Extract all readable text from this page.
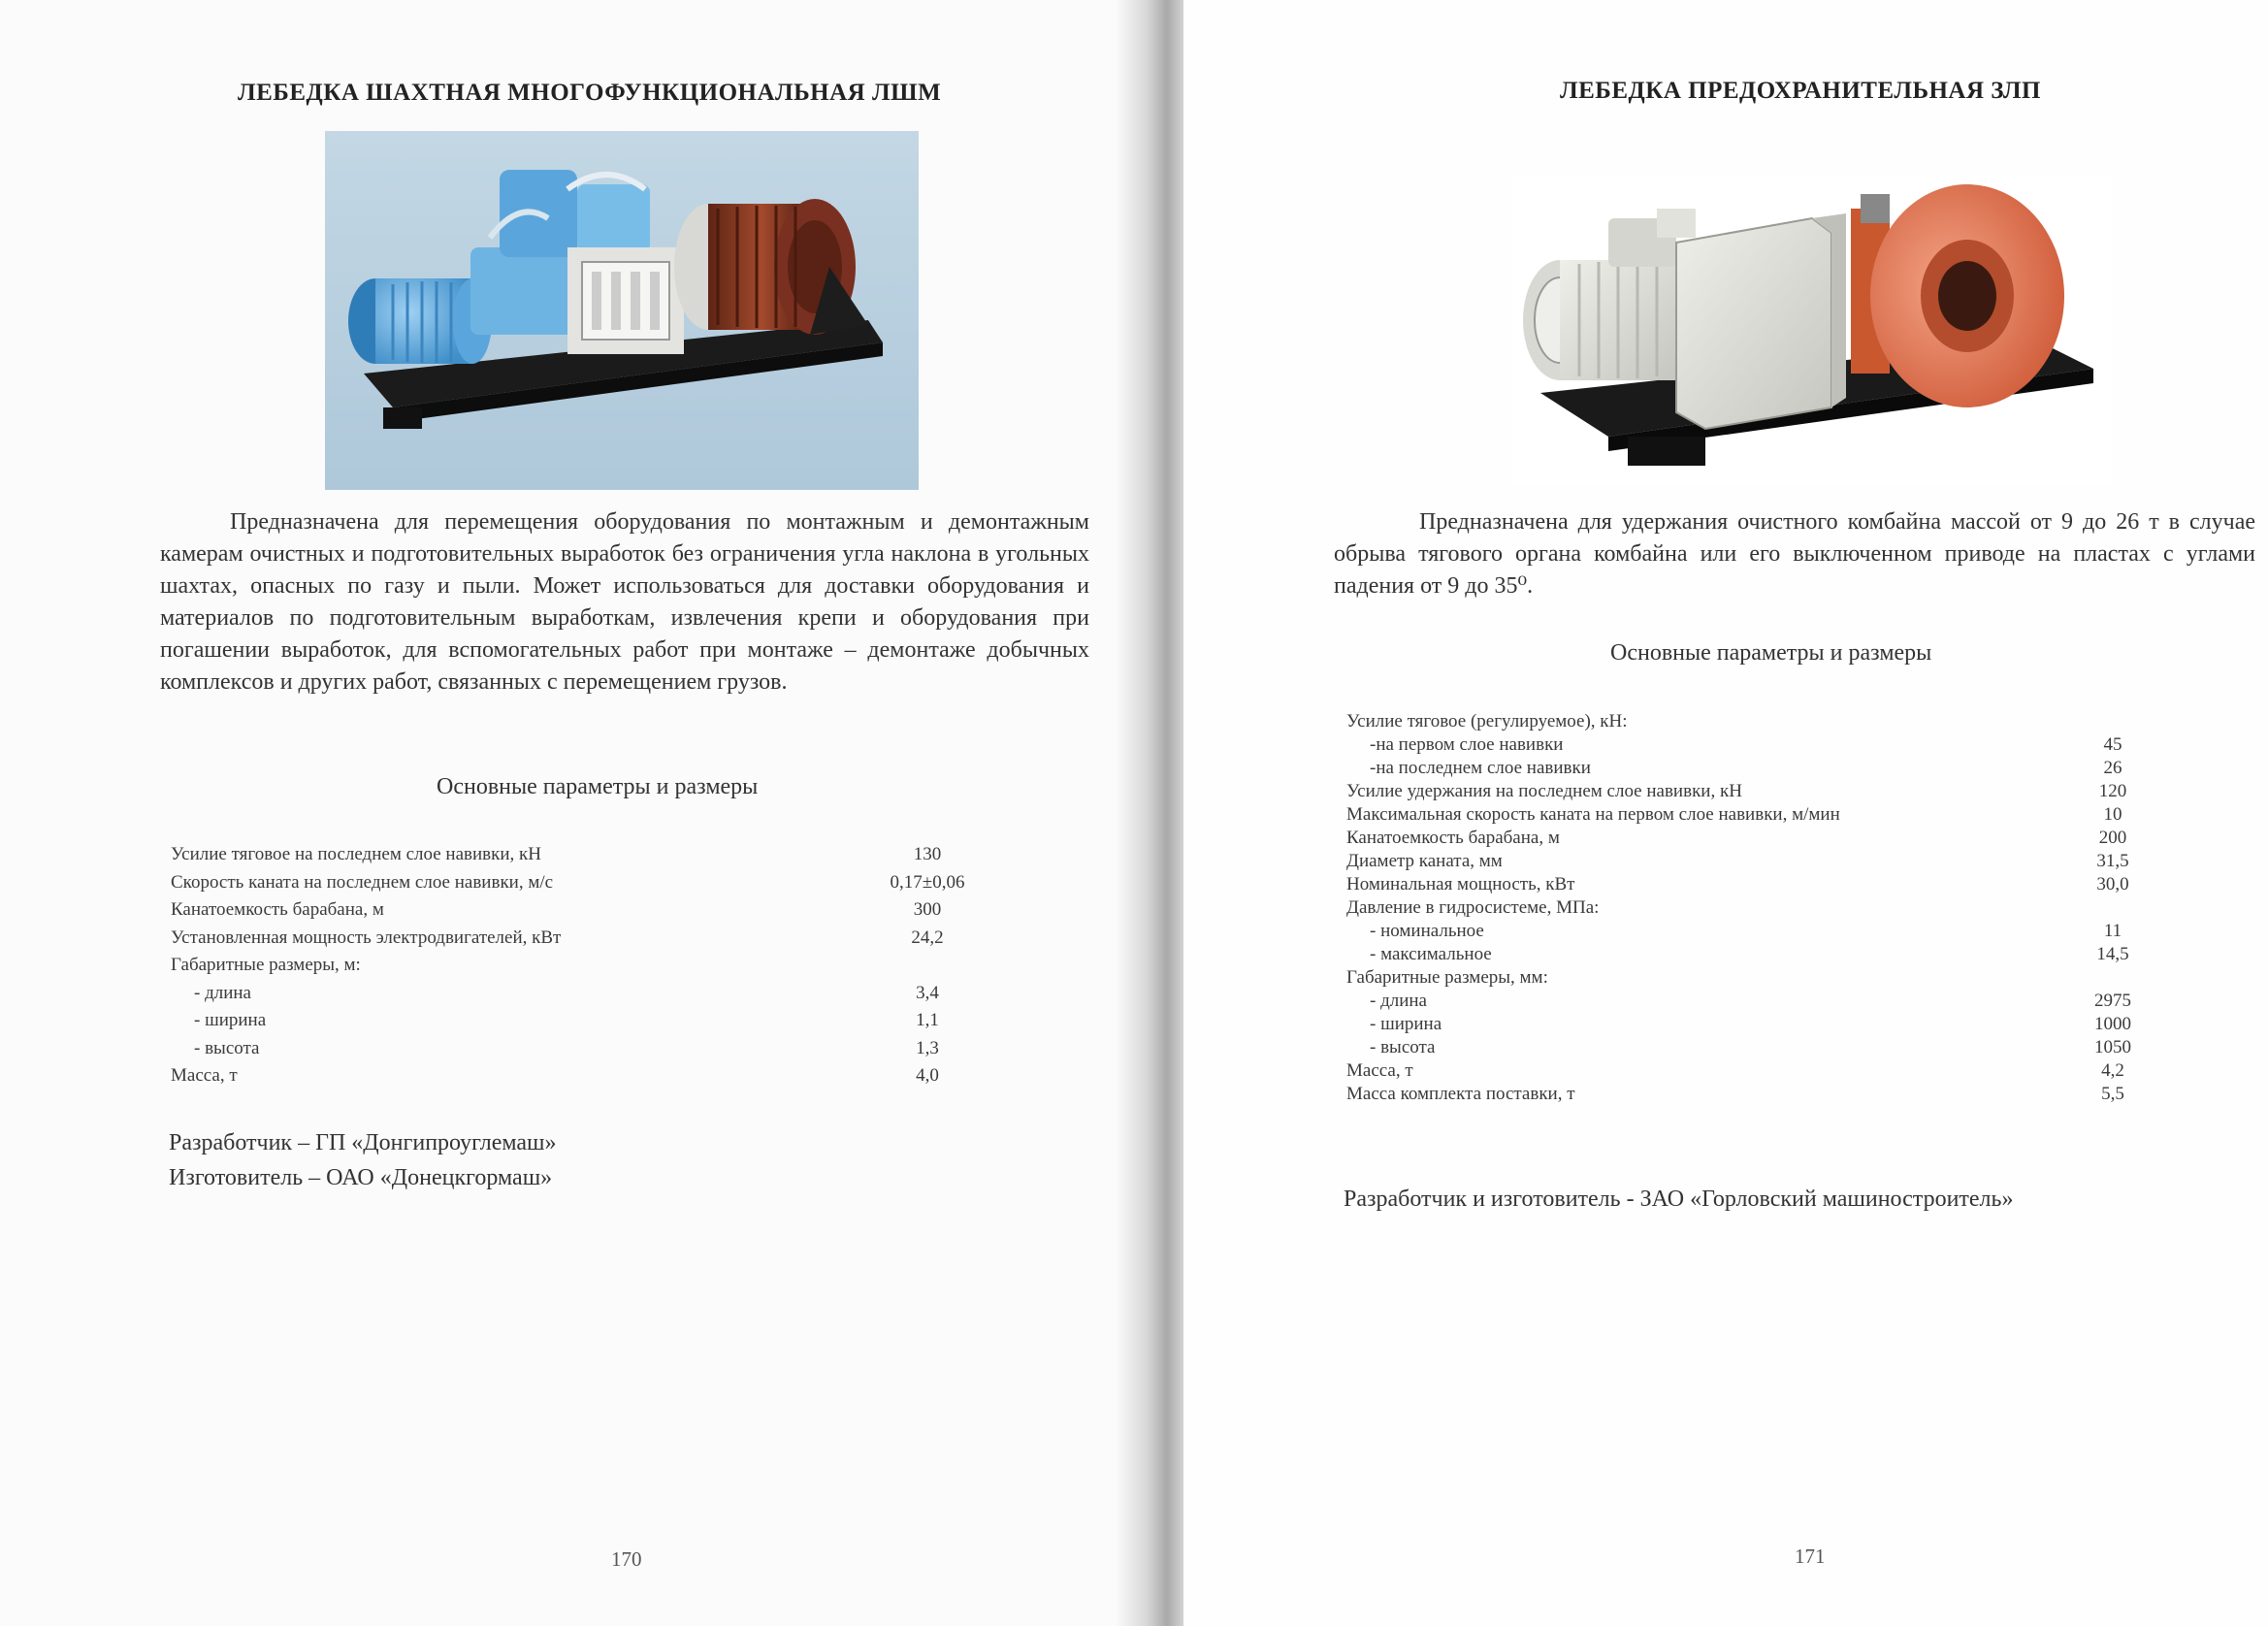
ЛЕБЕДКА ШАХТНАЯ МНОГОФУНКЦИОНАЛЬНАЯ ЛШМ

Предназначена для перемещения оборудования по монтажным и демонтажным камерам очистных и подготовительных выработок без ограничения угла наклона в угольных шахтах, опасных по газу и пыли. Может использоваться для доставки оборудования и материалов по подготовительным выработкам, извлечения крепи и оборудования при погашении выработок, для вспомогательных работ при монтаже – демонтаже добычных комплексов и других работ, связанных с перемещением грузов.

Основные параметры и размеры
Усилие тяговое на последнем слое навивки, кН	130
Скорость каната на последнем слое навивки, м/с	0,17±0,06
Канатоемкость барабана, м	300
Установленная мощность электродвигателей, кВт	24,2
Габаритные размеры, м:
- длина	3,4
- ширина	1,1
- высота	1,3
Масса, т	4,0
Разработчик – ГП «Донгипроуглемаш»
Изготовитель – ОАО «Донецкгормаш»
170
ЛЕБЕДКА ПРЕДОХРАНИТЕЛЬНАЯ ЗЛП

Предназначена для удержания очистного комбайна массой от 9 до 26 т в случае обрыва тягового органа комбайна или его выключенном приводе на пластах с углами падения от 9 до 35⁰.

Основные параметры и размеры
Усилие тяговое (регулируемое), кН:
-на первом слое навивки	45
-на последнем слое навивки	26
Усилие удержания на последнем слое навивки, кН	120
Максимальная скорость каната на первом слое навивки, м/мин	10
Канатоемкость барабана, м	200
Диаметр каната, мм	31,5
Номинальная мощность, кВт	30,0
Давление в гидросистеме, МПа:
- номинальное	11
- максимальное	14,5
Габаритные размеры, мм:
- длина	2975
- ширина	1000
- высота	1050
Масса, т	4,2
Масса комплекта поставки, т	5,5
Разработчик и изготовитель - ЗАО «Горловский машиностроитель»
171
